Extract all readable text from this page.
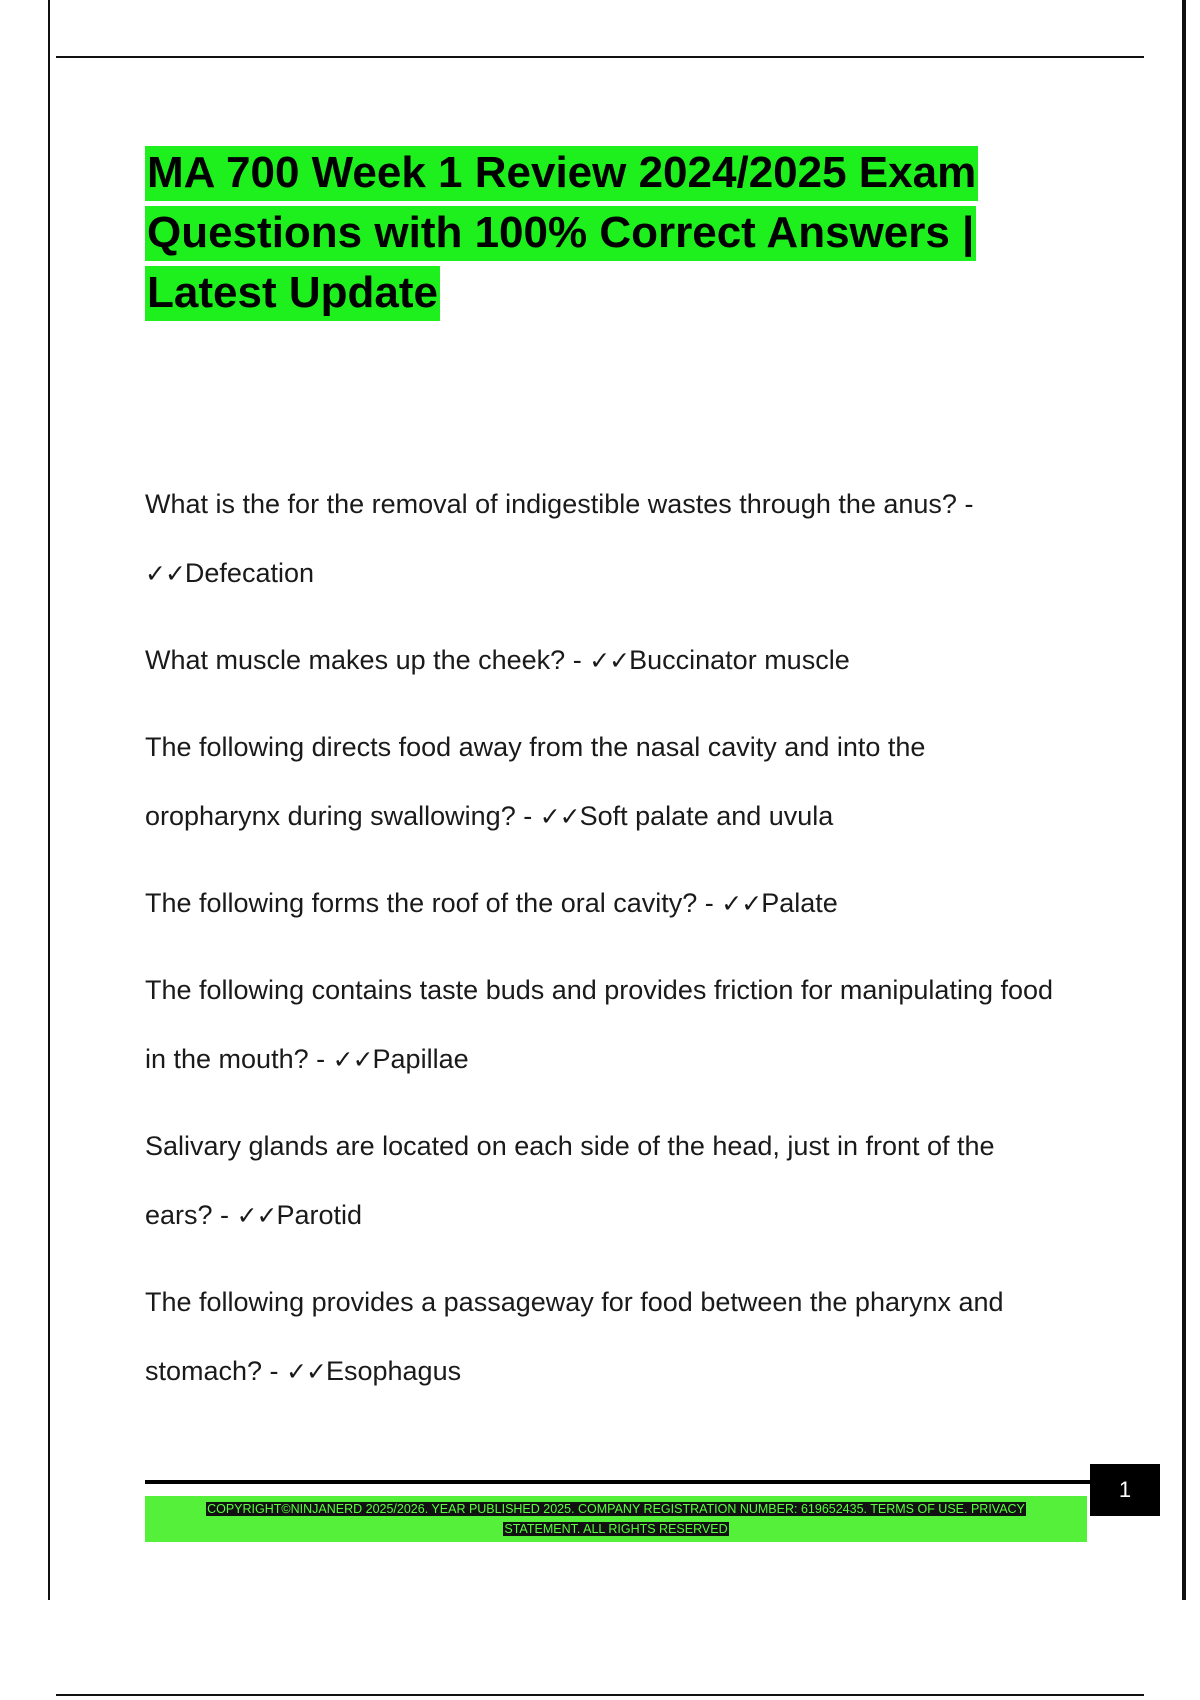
MA 700 Week 1 Review 2024/2025 Exam
Questions with 100% Correct Answers |
Latest Update

What is the for the removal of indigestible wastes through the anus? - ✓✓Defecation

What muscle makes up the cheek? - ✓✓Buccinator muscle

The following directs food away from the nasal cavity and into the oropharynx during swallowing? - ✓✓Soft palate and uvula

The following forms the roof of the oral cavity? - ✓✓Palate

The following contains taste buds and provides friction for manipulating food in the mouth? - ✓✓Papillae

Salivary glands are located on each side of the head, just in front of the ears? - ✓✓Parotid

The following provides a passageway for food between the pharynx and stomach? - ✓✓Esophagus

1
COPYRIGHT©NINJANERD 2025/2026. YEAR PUBLISHED 2025. COMPANY REGISTRATION NUMBER: 619652435. TERMS OF USE. PRIVACY
STATEMENT. ALL RIGHTS RESERVED
